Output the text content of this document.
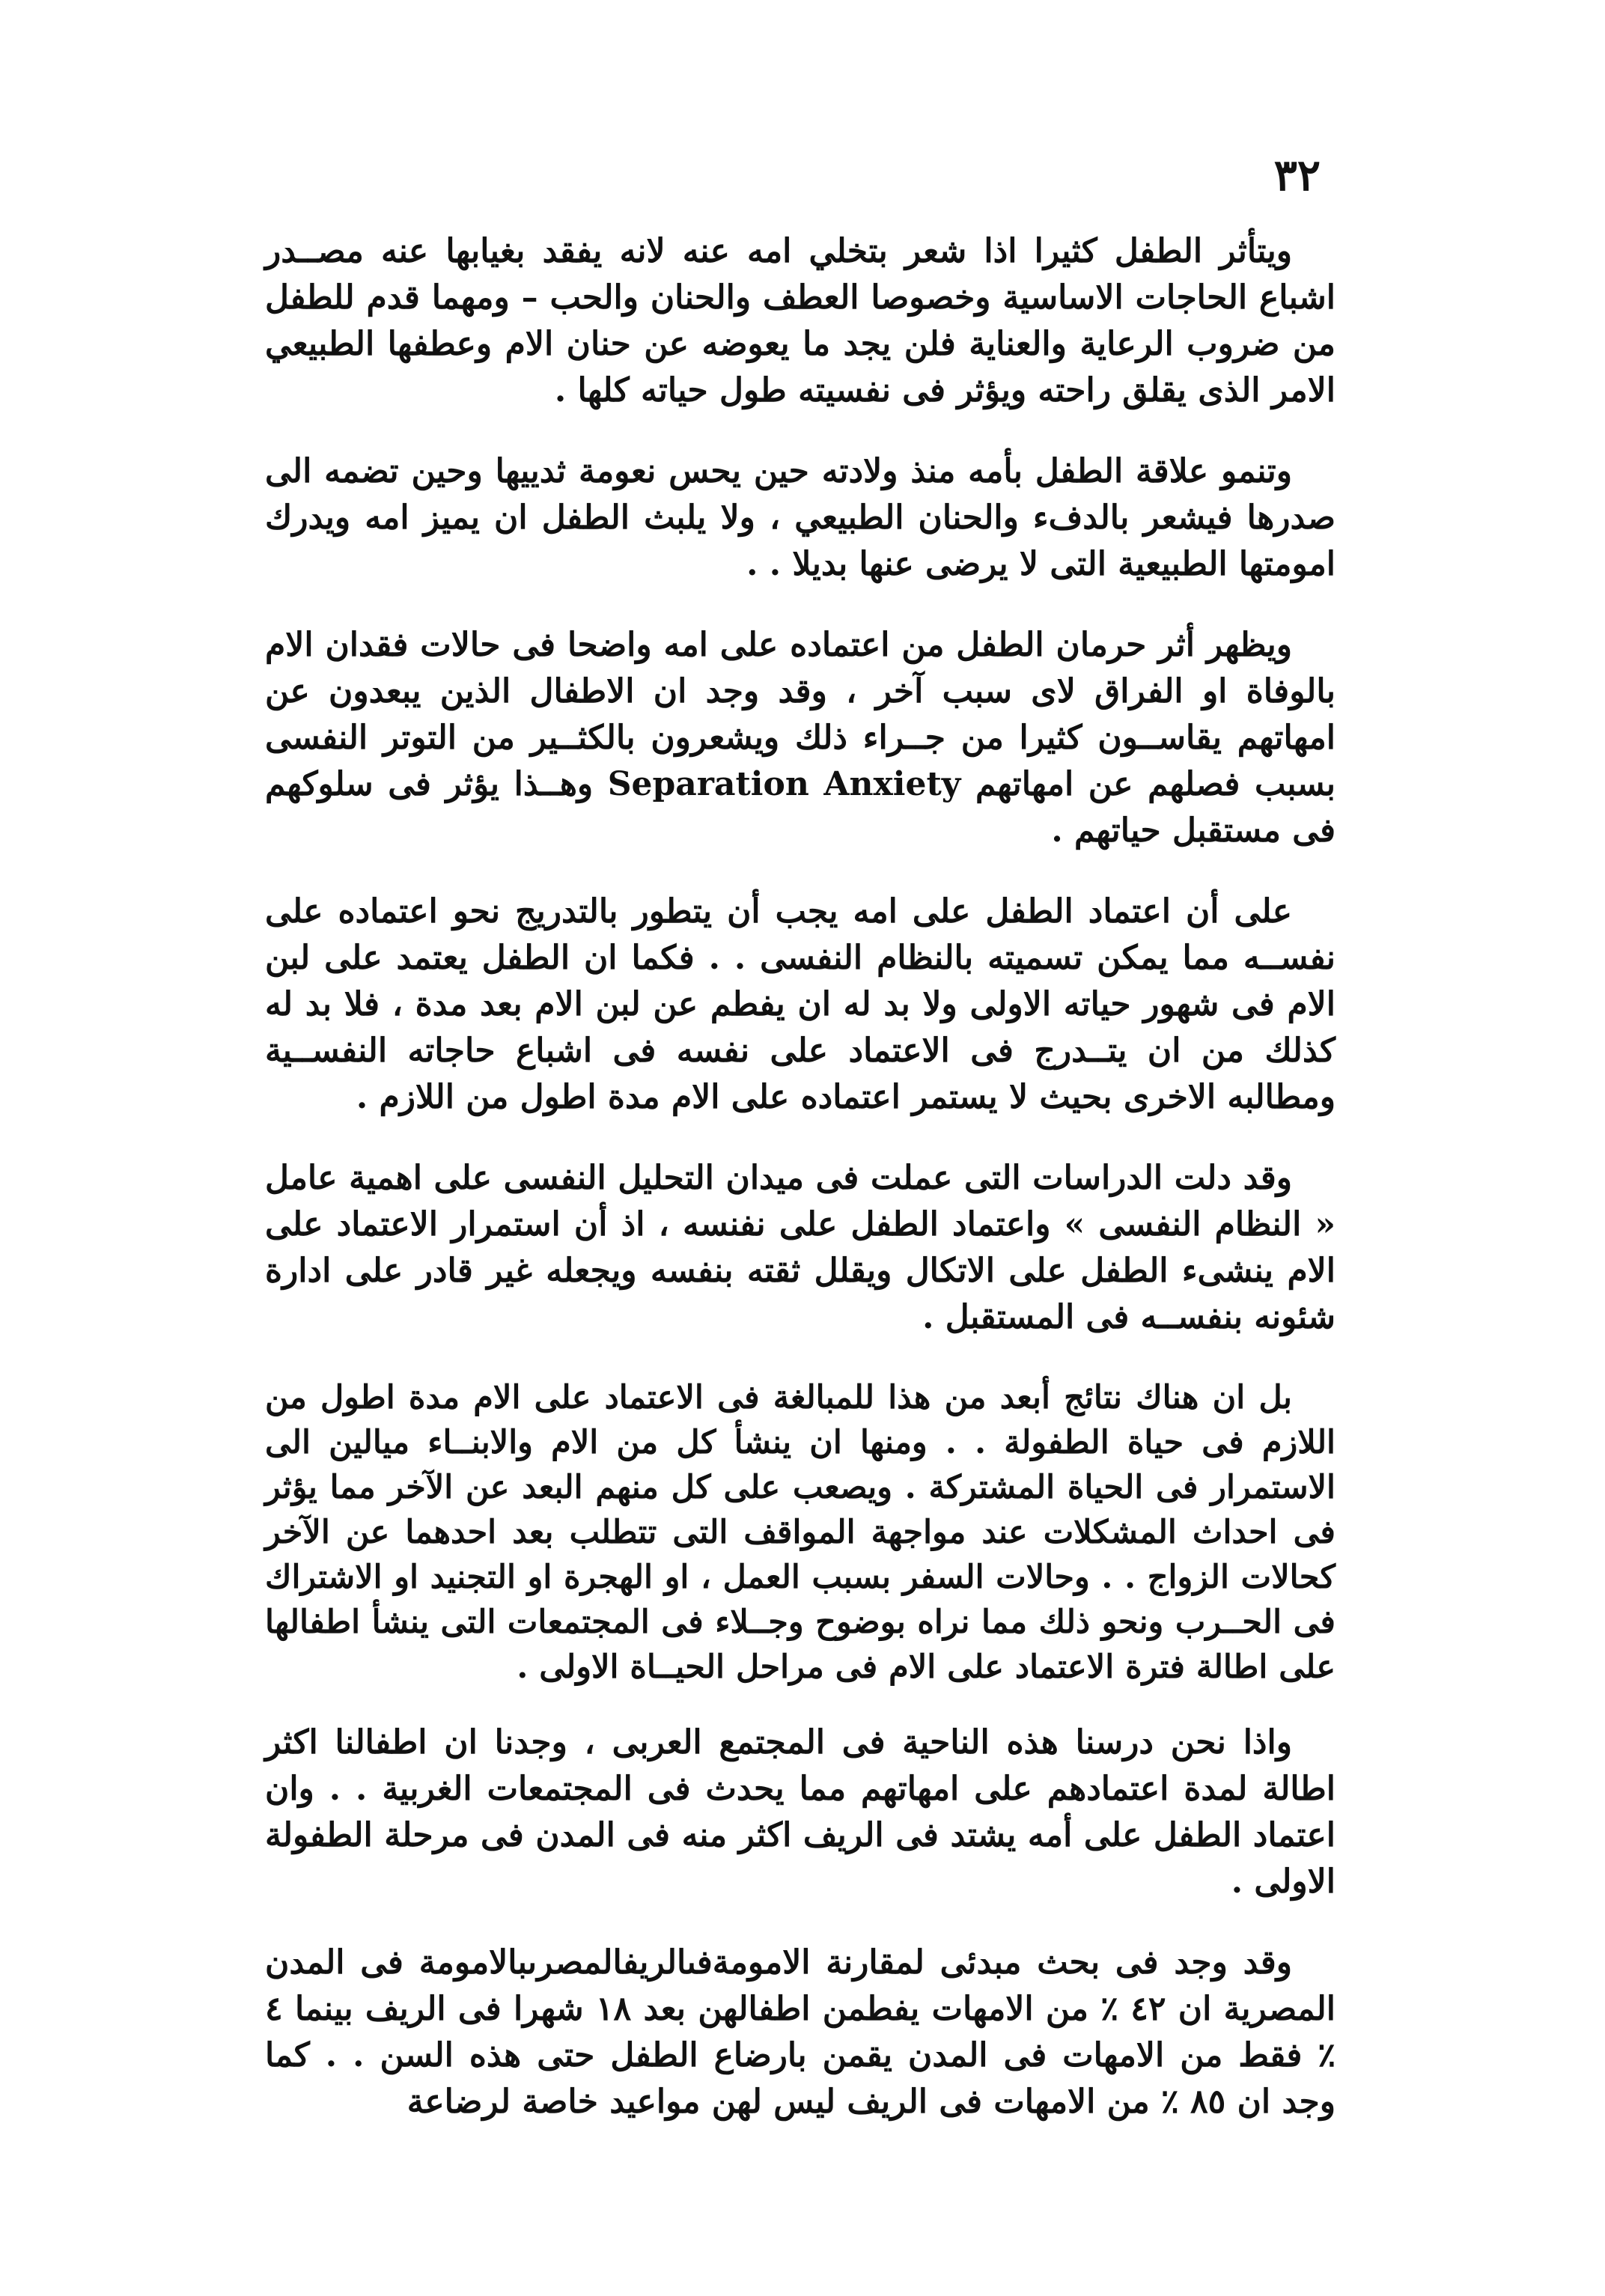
٣٢

ويتأثر الطفل كثيرا اذا شعر بتخلي امه عنه لانه يفقد بغيابها عنه مصــدر اشباع الحاجات الاساسية وخصوصا العطف والحنان والحب – ومهما قدم للطفل من ضروب الرعاية والعناية فلن يجد ما يعوضه عن حنان الام وعطفها الطبيعي الامر الذى يقلق راحته ويؤثر فى نفسيته طول حياته كلها .

وتنمو علاقة الطفل بأمه منذ ولادته حين يحس نعومة ثدييها وحين تضمه الى صدرها فيشعر بالدفء والحنان الطبيعي ، ولا يلبث الطفل ان يميز امه ويدرك امومتها الطبيعية التى لا يرضى عنها بديلا . .

ويظهر أثر حرمان الطفل من اعتماده على امه واضحا فى حالات فقدان الام بالوفاة او الفراق لاى سبب آخر ، وقد وجد ان الاطفال الذين يبعدون عن امهاتهم يقاســون كثيرا من جــراء ذلك ويشعرون بالكثــير من التوتر النفسى بسبب فصلهم عن امهاتهم Separation Anxiety وهــذا يؤثر فى سلوكهم فى مستقبل حياتهم .

على أن اعتماد الطفل على امه يجب أن يتطور بالتدريج نحو اعتماده على نفســه مما يمكن تسميته بالنظام النفسى . . فكما ان الطفل يعتمد على لبن الام فى شهور حياته الاولى ولا بد له ان يفطم عن لبن الام بعد مدة ، فلا بد له كذلك من ان يتــدرج فى الاعتماد على نفسه فى اشباع حاجاته النفســية ومطالبه الاخرى بحيث لا يستمر اعتماده على الام مدة اطول من اللازم .

وقد دلت الدراسات التى عملت فى ميدان التحليل النفسى على اهمية عامل « النظام النفسى » واعتماد الطفل على نفنسه ، اذ أن استمرار الاعتماد على الام ينشىء الطفل على الاتكال ويقلل ثقته بنفسه ويجعله غير قادر على ادارة شئونه بنفســه فى المستقبل .

بل ان هناك نتائج أبعد من هذا للمبالغة فى الاعتماد على الام مدة اطول من اللازم فى حياة الطفولة . . ومنها ان ينشأ كل من الام والابنــاء ميالين الى الاستمرار فى الحياة المشتركة . ويصعب على كل منهم البعد عن الآخر مما يؤثر فى احداث المشكلات عند مواجهة المواقف التى تتطلب بعد احدهما عن الآخر كحالات الزواج . . وحالات السفر بسبب العمل ، او الهجرة او التجنيد او الاشتراك فى الحــرب ونحو ذلك مما نراه بوضوح وجــلاء فى المجتمعات التى ينشأ اطفالها على اطالة فترة الاعتماد على الام فى مراحل الحيــاة الاولى .

واذا نحن درسنا هذه الناحية فى المجتمع العربى ، وجدنا ان اطفالنا اكثر اطالة لمدة اعتمادهم على امهاتهم مما يحدث فى المجتمعات الغربية . . وان اعتماد الطفل على أمه يشتد فى الريف اكثر منه فى المدن فى مرحلة الطفولة الاولى .

وقد وجد فى بحث مبدئى لمقارنة الامومةفىالريفالمصرىبالامومة فى المدن المصرية ان ٤٢ ٪ من الامهات يفطمن اطفالهن بعد ١٨ شهرا فى الريف بينما ٤ ٪ فقط من الامهات فى المدن يقمن بارضاع الطفل حتى هذه السن . . كما وجد ان ٨٥ ٪ من الامهات فى الريف ليس لهن مواعيد خاصة لرضاعة
